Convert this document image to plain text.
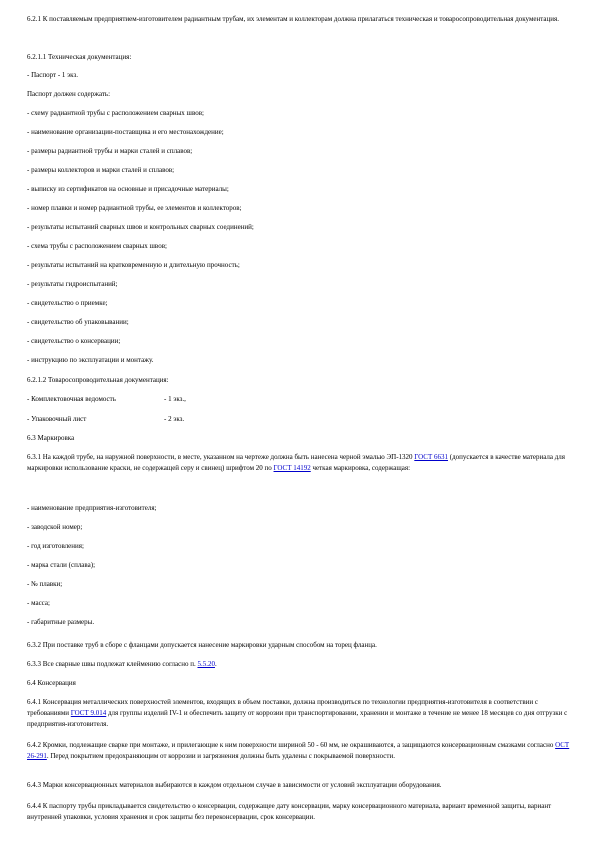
6.2.1 К поставляемым предприятием-изготовителем радиантным трубам, их элементам и коллекторам должна прилагаться техническая и товаросопроводительная документация.

6.2.1.1 Техническая документация:

- Паспорт - 1 экз.

Паспорт должен содержать:

- схему радиантной трубы с расположением сварных швов;

- наименование организации-поставщика и его местонахождение;

- размеры радиантной трубы и марки сталей и сплавов;

- размеры коллекторов и марки сталей и сплавов;

- выписку из сертификатов на основные и присадочные материалы;

- номер плавки и номер радиантной трубы, ее элементов и коллекторов;

- результаты испытаний сварных швов и контрольных сварных соединений;

- схема трубы с расположением сварных швов;

- результаты испытаний на кратковременную и длительную прочность;

- результаты гидроиспытаний;

- свидетельство о приемке;

- свидетельство об упаковывании;

- свидетельство о консервации;

- инструкцию по эксплуатации и монтажу.

6.2.1.2 Товаросопроводительная документация:

- Комплектовочная ведомость	- 1 экз.,

- Упаковочный лист	- 2 экз.

6.3 Маркировка

6.3.1 На каждой трубе, на наружной поверхности, в месте, указанном на чертеже должна быть нанесена черной эмалью ЭП-1320 ГОСТ 6631 (допускается в качестве материала для маркировки использование краски, не содержащей серу и свинец) шрифтом 20 по ГОСТ 14192 четкая маркировка, содержащая:

- наименование предприятия-изготовителя;

- заводской номер;

- год изготовления;

- марка стали (сплава);

- № плавки;

- масса;

- габаритные размеры.

6.3.2 При поставке труб в сборе с фланцами допускается нанесение маркировки ударным способом на торец фланца.

6.3.3 Все сварные швы подлежат клеймению согласно п. 5.5.20.

6.4 Консервация

6.4.1 Консервация металлических поверхностей элементов, входящих в объем поставки, должна производиться по технологии предприятия-изготовителя в соответствии с требованиями ГОСТ 9.014 для группы изделий IV-1 и обеспечить защиту от коррозии при транспортировании, хранении и монтаже в течение не менее 18 месяцев со дня отгрузки с предприятия-изготовителя.

6.4.2 Кромки, подлежащие сварке при монтаже, и прилегающие к ним поверхности шириной 50 - 60 мм, не окрашиваются, а защищаются консервационным смазками согласно ОСТ 26-291. Перед покрытием предохраняющим от коррозии и загрязнения должны быть удалены с покрываемой поверхности.

6.4.3 Марки консервационных материалов выбираются в каждом отдельном случае в зависимости от условий эксплуатации оборудования.

6.4.4 К паспорту трубы прикладывается свидетельство о консервации, содержащее дату консервации, марку консервационного материала, вариант временной защиты, вариант внутренней упаковки, условия хранения и срок защиты без переконсервации, срок консервации.
